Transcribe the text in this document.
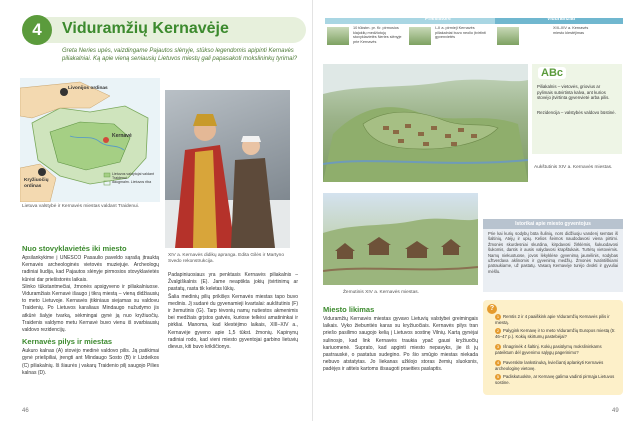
4	Viduramžių Kernavėje
Greta Neries upės, vaizdingame Pajautos slėnyje, stūkso legendomis apipinti Kernavės piliakalniai. Ką apie vieną seniausių Lietuvos miestų gali papasakoti mokslininkų tyrimai?
Livonijos ordinas
Kernavė
Kryžiuočių ordinas
Lietuvos valdytojai valdant Traidenui
daugmalm. Lietuvos riba
Lietuva valstybė ir Kernavės miestas valdant Traidenui.
XIV a. Kernavės didikų apranga. Edita Gilės ir Martyno Svedo rekonstrukcija.
Nuo stovyklavietės iki miesto
Apsilankykime į UNESCO Pasaulio paveldo sąrašą įtrauktą Kernavės archeologinės vietovės muziejuje. Archeologų radiniai liudija, kad Pajautos slėnyje pirmosios stovyklavietės kūrėsi dar priešistorės laikais.
Slinko tūkstantmečiai, žmonės apsigyveno ir piliakalniuose. Viduramžiais Kernavė išaugo į tikrą miestą – vieną didžiausių to meto Lietuvoje. Kernavės įtikiniaus siejamas su valdovu Traidenių. Po Lietuvos karaliaus Mindaugo nužudymo jis atkūrė šalyje tvarką, sėkmingai gynė ją nuo kryžiuočių. Traidenis valdymo metu Kernavė buvo vienu iš svarbiausių valdovo rezidencijų.
Kernavės pilys ir miestas
Aukuro kalnas (A) stovėjo medinė valdovo pilis. Ją patikimai gynė priešpiliai, įrengti ant Mindaugo Sosto (B) ir Lizdeikos (C) piliakalnių. Iš šiaurės į vakarų Traidenio pilį saugojo Pilies kalnas (D).
Padapiniuosiaus yra penktasis Kernavės piliakalnis – Žvalgiškalnis (E). Jame neaptikta jokių įtvirtinimų ar pastatų, rasta tik keletas lūkių.
Šalia medinių pilių prikišęs Kernavės miestas tapo buvo medinis. Jį sudarė du gyvenamieji kvartalai: aukštutinis (F) ir žemutinis (G). Tarp tėvonių namų nutiestos akmenimis bei medžiais grįstos gatvės, kuriose telkėsi amatininkai ir pirkliai. Manoma, kad klestėjimo laikais, XIII–XIV a., Kernavėje gyveno apie 1,5 tūkst. žmonių. Kapinynų radiniai rodo, kad vieni miesto gyventojai garbino lietuvių dievus, kiti buvo krikščionys.
46
Priešistorė	Viduramžiai
10 tūkstm. pr. Kr. pirmosios klajoklių medžiotojų stovyklavietės Neries slėnyje prie Kernavės
I–II a. pirmieji Kernavės piliakalniai buvo neolio įtvirtinti gyvenvietės
XIII–XIV a. Kernavės miesto klestėjimas
Aukštutinis XIV a. Kernavės miestas.
ABc
Piliakalnis – vietovės, griovius ar pylimais sutvirtinta kalva, ant kurios stovėjo įtvirtinta gyvenvietė arba pilis.
Rezidencija – valstybės valdovo būstinė.
Žemutinis XIV a. Kernavės miestas.
Istorikai apie miesto gyventojus
Prie kai kurių sodybų būta šulinių, nors didžiuoju vandenį semtas iš šaltinių, Atėjų ir upių. Kelios šeimos naudodavosi viena pirtimi. Žmonės skurdesniai skurdina, kirpdavosi žirklėmis, šukuodavosi šukomis, dantis ir ausis valydavosi krapštukais. Turtėtų vietovėmis. Namų niekuotuose, jovos lėkyklėse gyvenimą jaunėlinis, sodybas užtverdava aklinomis ir gyvenimą medžių. Žmonės tvatintiškiami patraukiame, už pastatų. Vasarą Kernavėje turėjo dvokti ir gyvuliai mėšlu.
Miesto likimas
Viduramžių Kernavės miestas gyvavo Lietuvių valstybei greimingais laikais. Vyko žiebuntiės karas su kryžiuočiais. Kernavės pilys tran priešo pasilimo saugojo kelią į Lietuvos sostinę Vilnių. Kartą gynėjai sulinosjo, kad link Kernavės traukia ypač gausi kryžiuočių kariuomenė. Suprato, kad apginti miesto nepavyks, jie iš jų pastrauskė, o pastatus sudegino. Po šio smūgio miestas niekada nebuvo atstatytas. Jo liekanas užklojo storas žemių sluoksnis, padėjęs ir atiteis kartoms išsaugoti praeities paslaptis.
?
1 Remtis 2 ir 4 paaiškink apie Viduramžių Kernavės pilis ir miestą.
2 Palygink Kernavę ir to meto Viduramžių Europos miestą (tr. 46–47 p.). Kokių skirtumų pastebėjai?
3 Išnagrinėk 4 šaltinį. Kokių pasiūlymų mokslininkams pateiktum dėl gyvenimo sąlygų pagerinimo?
4 Paverskite lankstinuką, kviečiantį aplankyti Kernavės archeologinę vietovę.
5 Padiskutuokite, ar Kernavę galima vadinti pirmąja Lietuvos sostine.
49
